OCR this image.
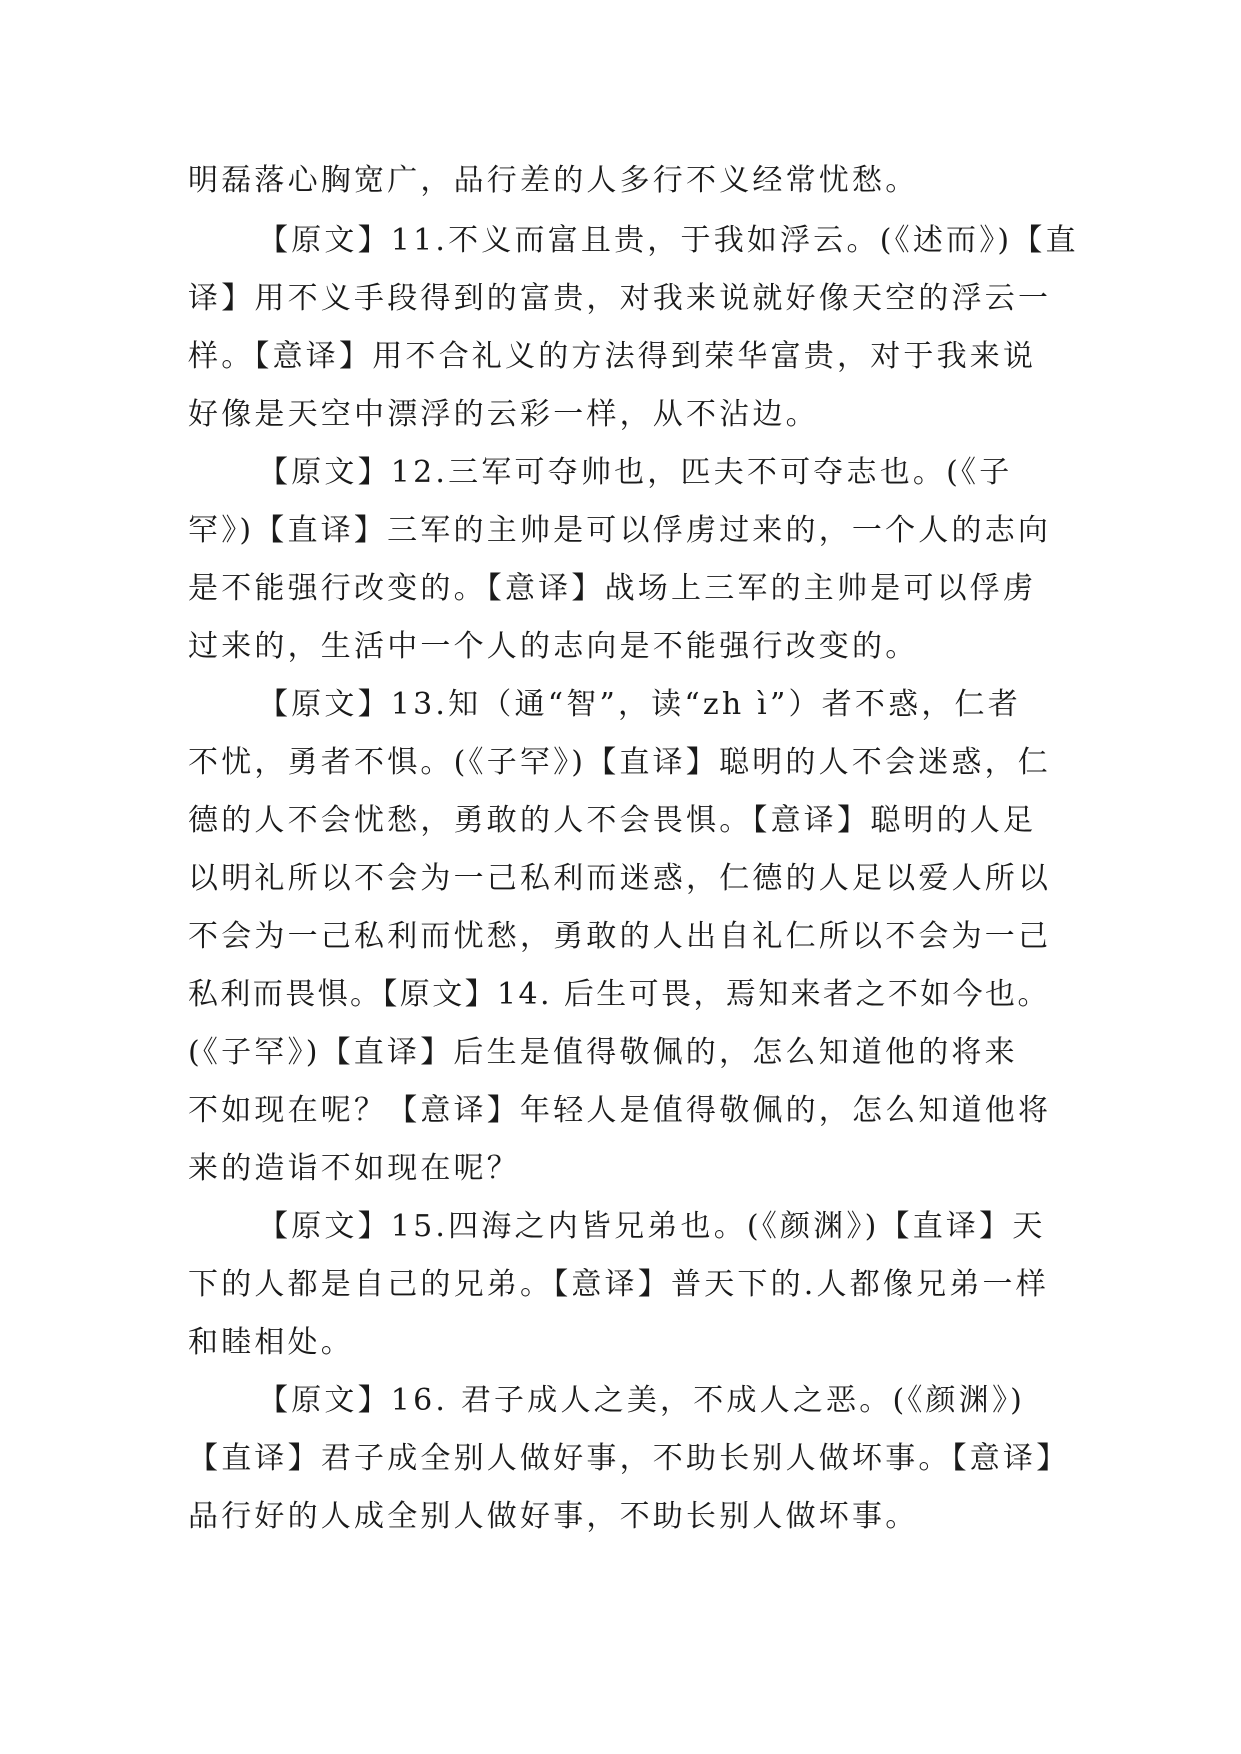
明磊落心胸宽广，品行差的人多行不义经常忧愁。
【原文】11.不义而富且贵，于我如浮云。(《述而》)【直
译】用不义手段得到的富贵，对我来说就好像天空的浮云一
样。【意译】用不合礼义的方法得到荣华富贵，对于我来说
好像是天空中漂浮的云彩一样，从不沾边。
【原文】12.三军可夺帅也，匹夫不可夺志也。(《子
罕》)【直译】三军的主帅是可以俘虏过来的，一个人的志向
是不能强行改变的。【意译】战场上三军的主帅是可以俘虏
过来的，生活中一个人的志向是不能强行改变的。
【原文】13.知（通“智”，读“zh ì”）者不惑，仁者
不忧，勇者不惧。(《子罕》)【直译】聪明的人不会迷惑，仁
德的人不会忧愁，勇敢的人不会畏惧。【意译】聪明的人足
以明礼所以不会为一己私利而迷惑，仁德的人足以爱人所以
不会为一己私利而忧愁，勇敢的人出自礼仁所以不会为一己
私利而畏惧。【原文】14. 后生可畏，焉知来者之不如今也。
(《子罕》)【直译】后生是值得敬佩的，怎么知道他的将来
不如现在呢？【意译】年轻人是值得敬佩的，怎么知道他将
来的造诣不如现在呢？
【原文】15.四海之内皆兄弟也。(《颜渊》)【直译】天
下的人都是自己的兄弟。【意译】普天下的.人都像兄弟一样
和睦相处。
【原文】16. 君子成人之美，不成人之恶。(《颜渊》)
【直译】君子成全别人做好事，不助长别人做坏事。【意译】
品行好的人成全别人做好事，不助长别人做坏事。
